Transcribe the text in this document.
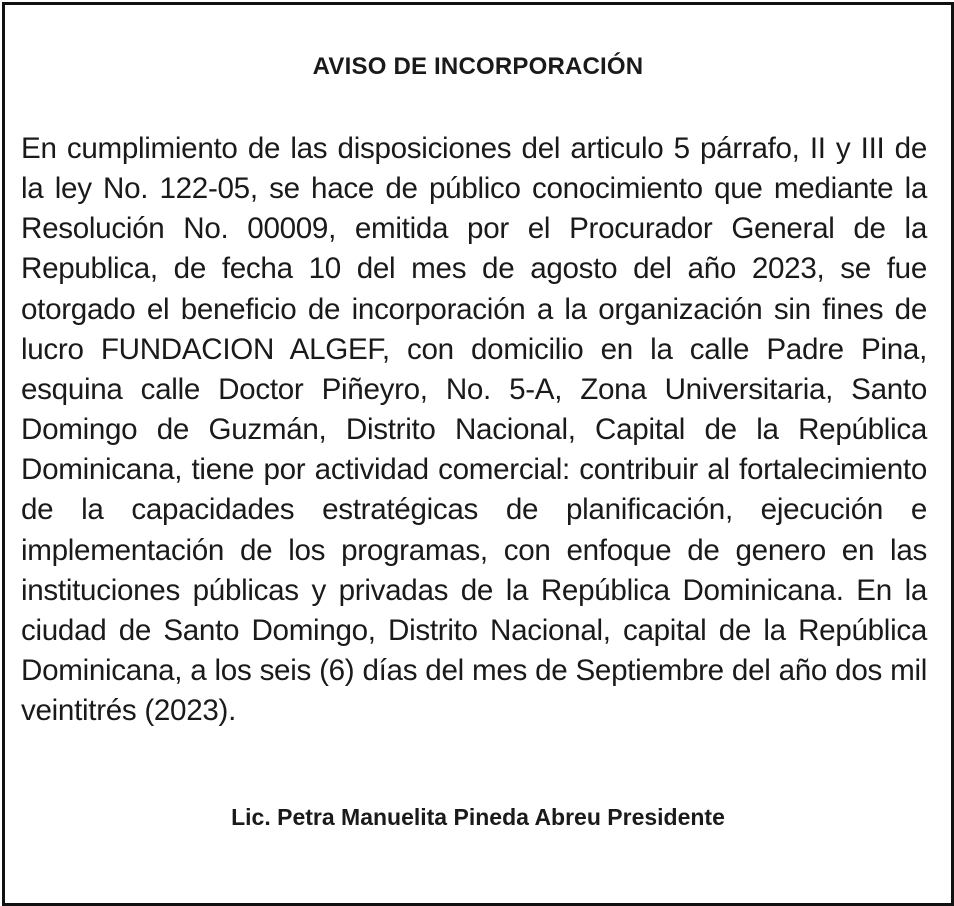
AVISO DE INCORPORACIÓN

En cumplimiento de las disposiciones del articulo 5 párrafo, II y III de la ley No. 122-05, se hace de público conocimiento que mediante la Resolución No. 00009, emitida por el Procurador General de la Republica, de fecha 10 del mes de agosto del año 2023, se fue otorgado el beneficio de incorporación a la organización sin fines de lucro FUNDACION ALGEF, con domicilio en la calle Padre Pina, esquina calle Doctor Piñeyro, No. 5-A, Zona Universitaria, Santo Domingo de Guzmán, Distrito Nacional, Capital de la República Dominicana, tiene por actividad comercial: contribuir al fortalecimiento de la capacidades estratégicas de planificación, ejecución e implementación de los programas, con enfoque de genero en las instituciones públicas y privadas de la República Dominicana. En la ciudad de Santo Domingo, Distrito Nacional, capital de la República Dominicana, a los seis (6) días del mes de Septiembre del año dos mil veintitrés (2023).

Lic. Petra Manuelita Pineda Abreu Presidente
